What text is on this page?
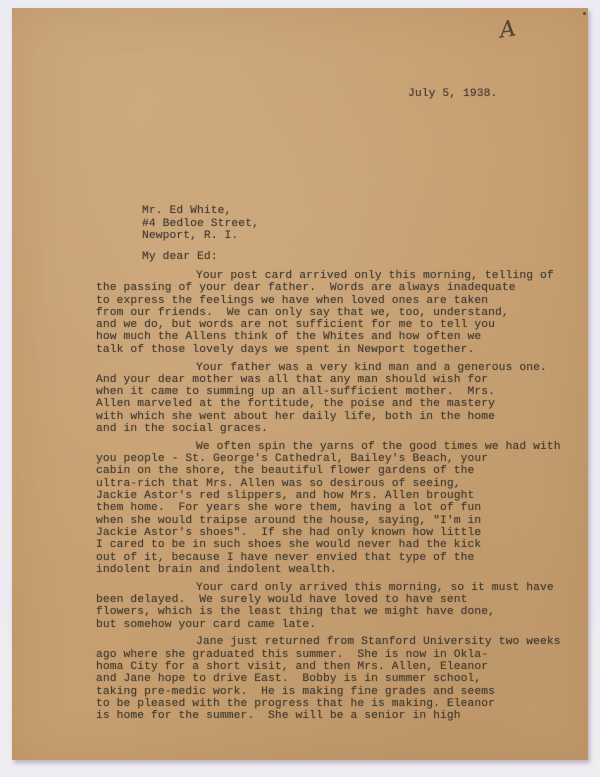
A
July 5, 1938.
Mr. Ed White,
#4 Bedloe Street,
Newport, R. I.
My dear Ed:
Your post card arrived only this morning, telling of
the passing of your dear father.  Words are always inadequate
to express the feelings we have when loved ones are taken
from our friends.  We can only say that we, too, understand,
and we do, but words are not sufficient for me to tell you
how much the Allens think of the Whites and how often we
talk of those lovely days we spent in Newport together.
Your father was a very kind man and a generous one.
And your dear mother was all that any man should wish for
when it came to summing up an all-sufficient mother.  Mrs.
Allen marveled at the fortitude, the poise and the mastery
with which she went about her daily life, both in the home
and in the social graces.
We often spin the yarns of the good times we had with
you people - St. George's Cathedral, Bailey's Beach, your
cabin on the shore, the beautiful flower gardens of the
ultra-rich that Mrs. Allen was so desirous of seeing,
Jackie Astor's red slippers, and how Mrs. Allen brought
them home.  For years she wore them, having a lot of fun
when she would traipse around the house, saying, "I'm in
Jackie Astor's shoes".  If she had only known how little
I cared to be in such shoes she would never had the kick
out of it, because I have never envied that type of the
indolent brain and indolent wealth.
Your card only arrived this morning, so it must have
been delayed.  We surely would have loved to have sent
flowers, which is the least thing that we might have done,
but somehow your card came late.
Jane just returned from Stanford University two weeks
ago where she graduated this summer.  She is now in Okla-
homa City for a short visit, and then Mrs. Allen, Eleanor
and Jane hope to drive East.  Bobby is in summer school,
taking pre-medic work.  He is making fine grades and seems
to be pleased with the progress that he is making. Eleanor
is home for the summer.  She will be a senior in high
